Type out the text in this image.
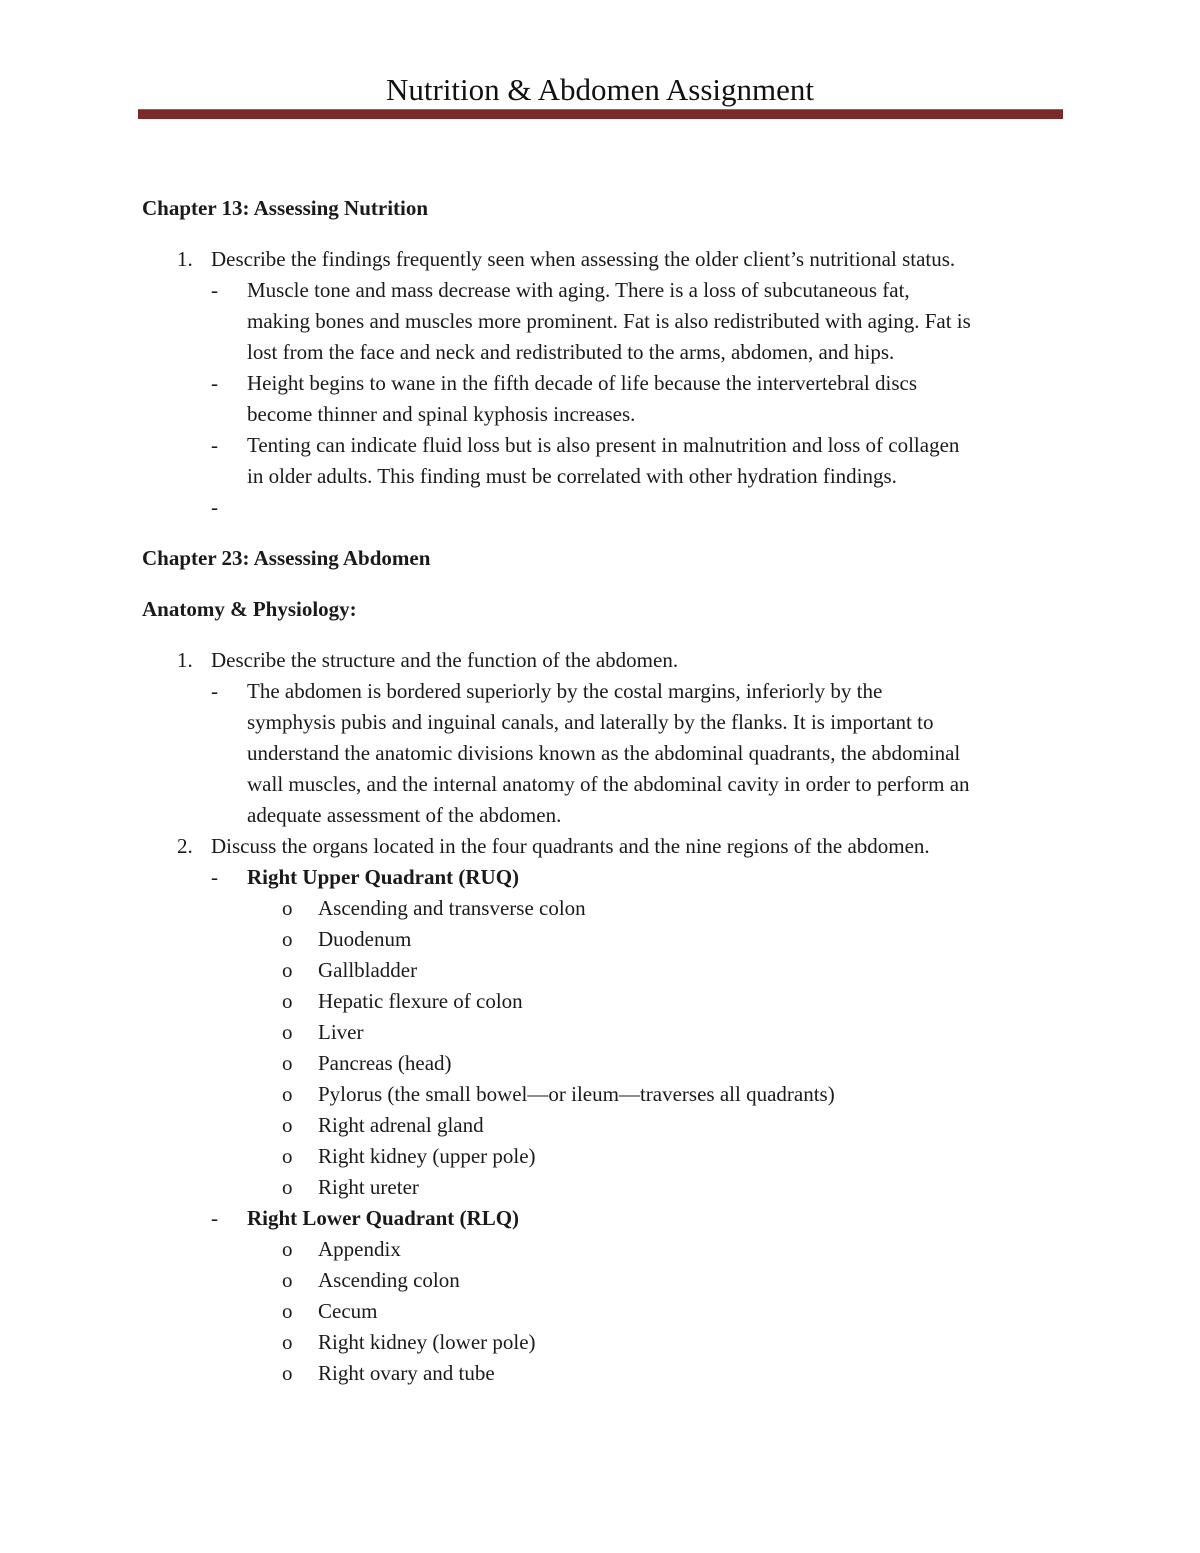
Nutrition & Abdomen Assignment
Chapter 13: Assessing Nutrition
1. Describe the findings frequently seen when assessing the older client’s nutritional status.
- Muscle tone and mass decrease with aging. There is a loss of subcutaneous fat,
making bones and muscles more prominent. Fat is also redistributed with aging. Fat is
lost from the face and neck and redistributed to the arms, abdomen, and hips.
- Height begins to wane in the fifth decade of life because the intervertebral discs
become thinner and spinal kyphosis increases.
- Tenting can indicate fluid loss but is also present in malnutrition and loss of collagen
in older adults. This finding must be correlated with other hydration findings.
-

Chapter 23: Assessing Abdomen
Anatomy & Physiology:
1. Describe the structure and the function of the abdomen.
- The abdomen is bordered superiorly by the costal margins, inferiorly by the
symphysis pubis and inguinal canals, and laterally by the flanks. It is important to
understand the anatomic divisions known as the abdominal quadrants, the abdominal
wall muscles, and the internal anatomy of the abdominal cavity in order to perform an
adequate assessment of the abdomen.
2. Discuss the organs located in the four quadrants and the nine regions of the abdomen.
- Right Upper Quadrant (RUQ)
o Ascending and transverse colon
o Duodenum
o Gallbladder
o Hepatic flexure of colon
o Liver
o Pancreas (head)
o Pylorus (the small bowel—or ileum—traverses all quadrants)
o Right adrenal gland
o Right kidney (upper pole)
o Right ureter
- Right Lower Quadrant (RLQ)
o Appendix
o Ascending colon
o Cecum
o Right kidney (lower pole)
o Right ovary and tube
